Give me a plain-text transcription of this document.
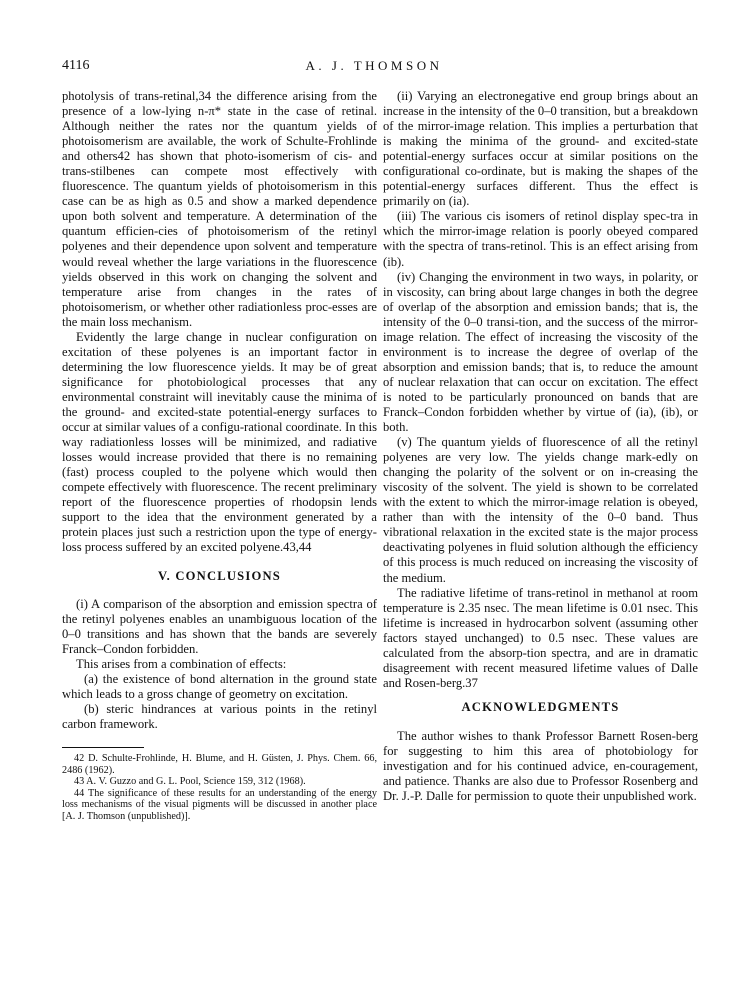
4116	A. J. THOMSON

photolysis of trans-retinal,34 the difference arising from the presence of a low-lying n-π* state in the case of retinal. Although neither the rates nor the quantum yields of photoisomerism are available, the work of Schulte-Frohlinde and others42 has shown that photo-isomerism of cis- and trans-stilbenes can compete most effectively with fluorescence. The quantum yields of photoisomerism in this case can be as high as 0.5 and show a marked dependence upon both solvent and temperature. A determination of the quantum efficien-cies of photoisomerism of the retinyl polyenes and their dependence upon solvent and temperature would reveal whether the large variations in the fluorescence yields observed in this work on changing the solvent and temperature arise from changes in the rates of photoisomerism, or whether other radiationless proc-esses are the main loss mechanism.

Evidently the large change in nuclear configuration on excitation of these polyenes is an important factor in determining the low fluorescence yields. It may be of great significance for photobiological processes that any environmental constraint will inevitably cause the minima of the ground- and excited-state potential-energy surfaces to occur at similar values of a configu-rational coordinate. In this way radiationless losses will be minimized, and radiative losses would increase provided that there is no remaining (fast) process coupled to the polyene which would then compete effectively with fluorescence. The recent preliminary report of the fluorescence properties of rhodopsin lends support to the idea that the environment generated by a protein places just such a restriction upon the type of energy-loss process suffered by an excited polyene.43,44

V. CONCLUSIONS

(i) A comparison of the absorption and emission spectra of the retinyl polyenes enables an unambiguous location of the 0–0 transitions and has shown that the bands are severely Franck–Condon forbidden.

This arises from a combination of effects:

(a) the existence of bond alternation in the ground state which leads to a gross change of geometry on excitation.

(b) steric hindrances at various points in the retinyl carbon framework.

42 D. Schulte-Frohlinde, H. Blume, and H. Güsten, J. Phys. Chem. 66, 2486 (1962).

43 A. V. Guzzo and G. L. Pool, Science 159, 312 (1968).

44 The significance of these results for an understanding of the energy loss mechanisms of the visual pigments will be discussed in another place [A. J. Thomson (unpublished)].

(ii) Varying an electronegative end group brings about an increase in the intensity of the 0–0 transition, but a breakdown of the mirror-image relation. This implies a perturbation that is making the minima of the ground- and excited-state potential-energy surfaces occur at similar positions on the configurational co-ordinate, but is making the shapes of the potential-energy surfaces different. Thus the effect is primarily on (ia).

(iii) The various cis isomers of retinol display spec-tra in which the mirror-image relation is poorly obeyed compared with the spectra of trans-retinol. This is an effect arising from (ib).

(iv) Changing the environment in two ways, in polarity, or in viscosity, can bring about large changes in both the degree of overlap of the absorption and emission bands; that is, the intensity of the 0–0 transi-tion, and the success of the mirror-image relation. The effect of increasing the viscosity of the environment is to increase the degree of overlap of the absorption and emission bands; that is, to reduce the amount of nuclear relaxation that can occur on excitation. The effect is noted to be particularly pronounced on bands that are Franck–Condon forbidden whether by virtue of (ia), (ib), or both.

(v) The quantum yields of fluorescence of all the retinyl polyenes are very low. The yields change mark-edly on changing the polarity of the solvent or on in-creasing the viscosity of the solvent. The yield is shown to be correlated with the extent to which the mirror-image relation is obeyed, rather than with the intensity of the 0–0 band. Thus vibrational relaxation in the excited state is the major process deactivating polyenes in fluid solution although the efficiency of this process is much reduced on increasing the viscosity of the medium.

The radiative lifetime of trans-retinol in methanol at room temperature is 2.35 nsec. The mean lifetime is 0.01 nsec. This lifetime is increased in hydrocarbon solvent (assuming other factors stayed unchanged) to 0.5 nsec. These values are calculated from the absorp-tion spectra, and are in dramatic disagreement with recent measured lifetime values of Dalle and Rosen-berg.37

ACKNOWLEDGMENTS

The author wishes to thank Professor Barnett Rosen-berg for suggesting to him this area of photobiology for investigation and for his continued advice, en-couragement, and patience. Thanks are also due to Professor Rosenberg and Dr. J.-P. Dalle for permission to quote their unpublished work.
